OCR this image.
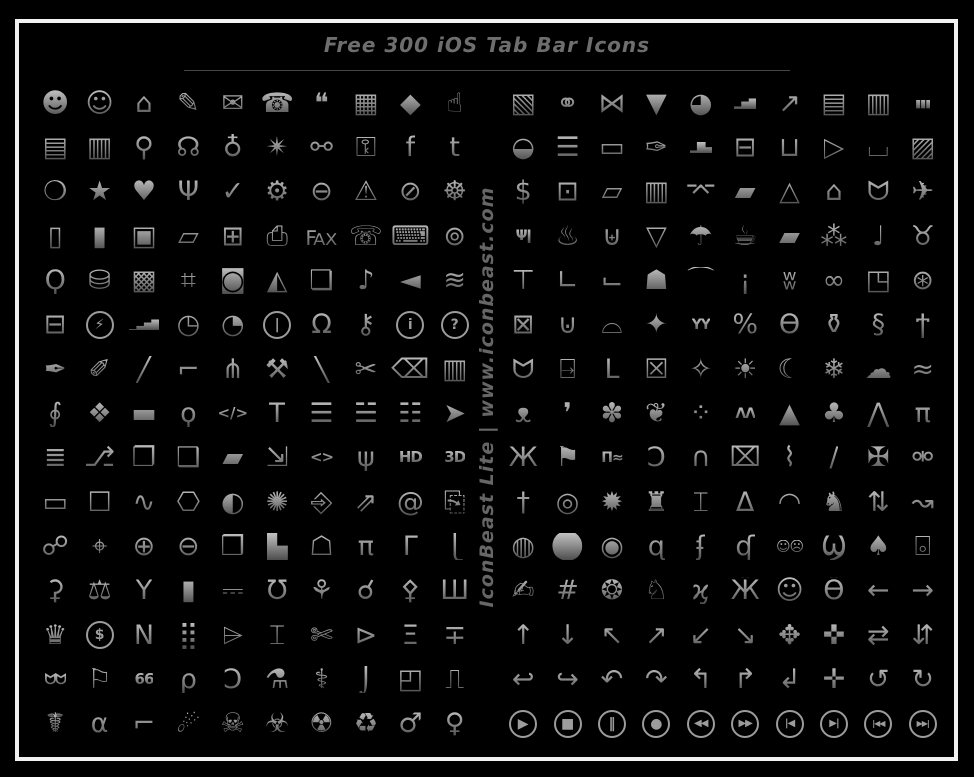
Free 300 iOS Tab Bar Icons
☻ ☺ ⌂ ✎ ✉ ☎ ❝ ▦ ◆ ☝
▤ ▥ ⚲ ☊ ♁ ✴ ⚯ ⚿ f t
❍ ★ ♥ Ψ ✓ ⚙ ⊖ ⚠ ⊘ ☸
▯ ▮ ▣ ▱ ⊞ ⎙ ℻ ☏ ⌨ ⊚
Ϙ ⛁ ▩ ⌗ ◙ ◭ ❏ ♪ ◄ ≋
⊟	⚡	▁▃▅▇ ◷ ◔	|	Ω ⚷	i	?
✒ ✐ ╱ ⌐ ⋔ ⚒ ╲ ✂ ⌫ ▥
∮ ❖ ▬ ϙ </> T ☰ ☱ ☷ ➤
≣ ⎇ ❐ ❑ ▰ ⇲ <> ψ HD 3D
▭ ☐ ∿ ⎔ ◐ ✺ ⎆ ⇗ @ ⎘
☍ ⌖ ⊕ ⊖ ❒ ▙ ☖ π Γ ⎩
⚳ ⚖ Y ▮ ⎓ Ʊ ⚘ ☌ ⚴ Ш
♛	$	N ⣿ ⌲ ⌶ ✄ ⊳ Ξ ∓
ᗢᗢ ⚐ 66 ρ Ɔ ⚗ ⚕ ⌡ ◰ ⎍
☤ α ⌐ ☄ ☠ ☣ ☢ ♻ ♂ ♀
▧ ⚭ ⋈ ▼ ◕ ▂▅▇ ↗ ▤ ▥ ▮▮▮
◒ ☰ ▭ ✑ ▂█▄ ⊟ ⊔ ▷ ⌴ ▨
$ ⊡ ▱ ▥ ⌤ ▰ △ ⌂ ᗢ ✈
Ψǀ ♨ ⊎ ▽ ☂ ☕ ▰ ⁂ ♩ ♉
⊤ ∟ ⌙ ☗ ⌒ ¡ ʬ ∞ ◳ ⊛
⊠ ⊍ ⌓ ✦ YY % Ѳ ⚱ § ϯ
ᗢ ⍈ ᒪ ☒ ✧ ☀ ☾ ❄ ☁ ≈
ᴥ ❜ ✽ ❦ ⁘ ΛΛ ▲ ♣ ⋀ π
Ж ⚑ Π≈ Ͻ ∩ ⌧ ⌇ ∕ ✠ ⚮
† ◎ ✹ ♜ ⌶ Δ ◠ ♞ ⇅ ↝
◍ ⚽ ◉ ɋ ʄ ʠ ☺☹ Ϣ ♠ ⌻
✍ # ❂ ♘ ϗ Ӝ ☺ Ӫ ← →
↑ ↓ ↖ ↗ ↙ ↘ ✥ ✜ ⇄ ⇵
↩ ↪ ↶ ↷ ↰ ↱ ↲ ✛ ↺ ↻
▶	■	‖	●	◀◀	▶▶	|◀	▶|	|◀◀	▶▶|
IconBeast Lite | www.iconbeast.com
